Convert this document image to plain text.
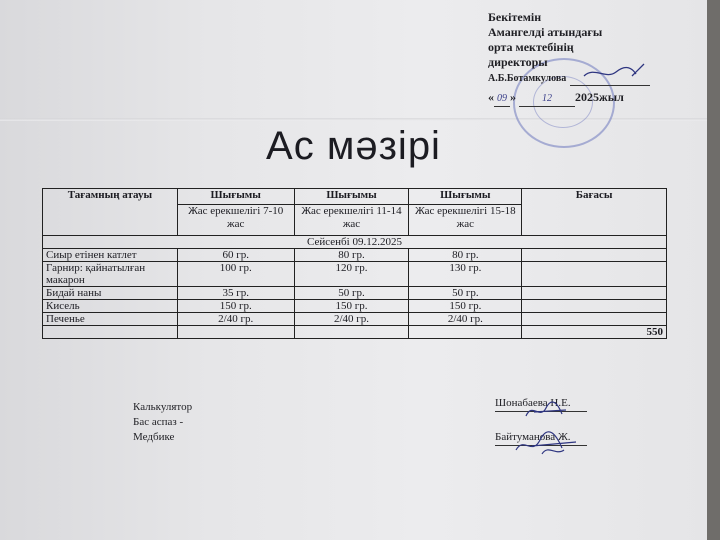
Бекітемін
Амангелді атындағы
орта мектебінің
директоры
А.Б.Ботамкулова
« 09 »	12 2025жыл
Ас мәзірі
Тағамның атауы	Шығымы	Шығымы	Шығымы	Бағасы
	Жас ерекшелігі 7-10 жас	Жас ерекшелігі 11-14 жас	Жас ерекшелігі 15-18 жас	
Сейсенбі 09.12.2025				
Сиыр етінен катлет	60 гр.	80 гр.	80 гр.	
Гарнир: қайнатылған макарон	100 гр.	120 гр.	130 гр.	
Бидай наны	35 гр.	50 гр.	50 гр.	
Кисель	150 гр.	150 гр.	150 гр.	
Печенье	2/40 гр.	2/40 гр.	2/40 гр.	
				550
Калькулятор
Бас аспаз -
Медбике
Шонабаева Н.Е.
Байтуманова Ж.
